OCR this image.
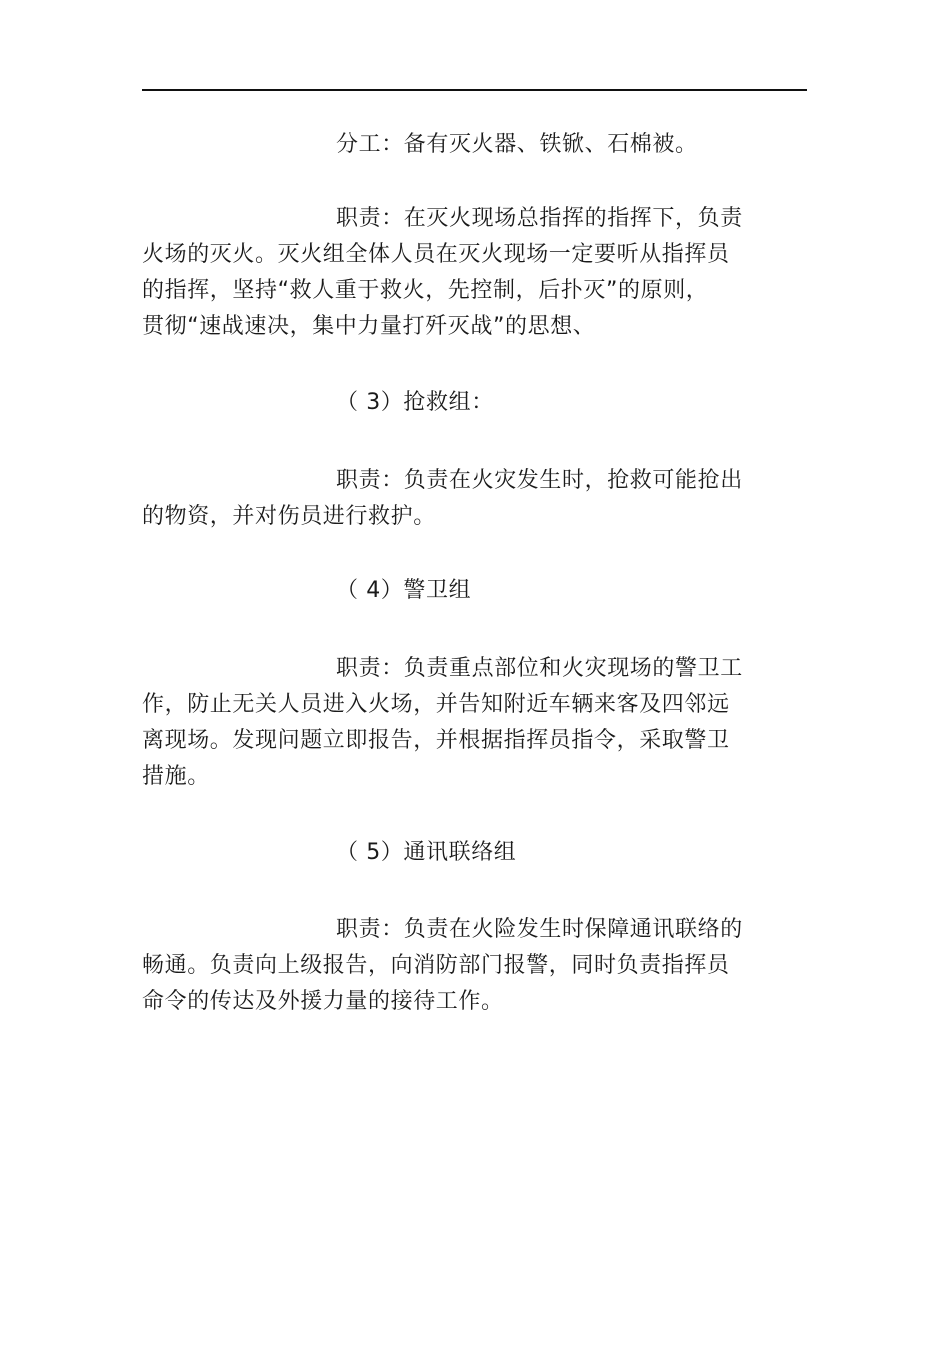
分工：备有灭火器、铁锨、石棉被。

职责：在灭火现场总指挥的指挥下，负责
火场的灭火。灭火组全体人员在灭火现场一定要听从指挥员
的指挥，坚持“救人重于救火，先控制，后扑灭”的原则，
贯彻“速战速决，集中力量打歼灭战”的思想、

（ 3）抢救组：

职责：负责在火灾发生时，抢救可能抢出
的物资，并对伤员进行救护。

（ 4）警卫组

职责：负责重点部位和火灾现场的警卫工
作，防止无关人员进入火场，并告知附近车辆来客及四邻远
离现场。发现问题立即报告，并根据指挥员指令，采取警卫
措施。

（ 5）通讯联络组

职责：负责在火险发生时保障通讯联络的
畅通。负责向上级报告，向消防部门报警，同时负责指挥员
命令的传达及外援力量的接待工作。
